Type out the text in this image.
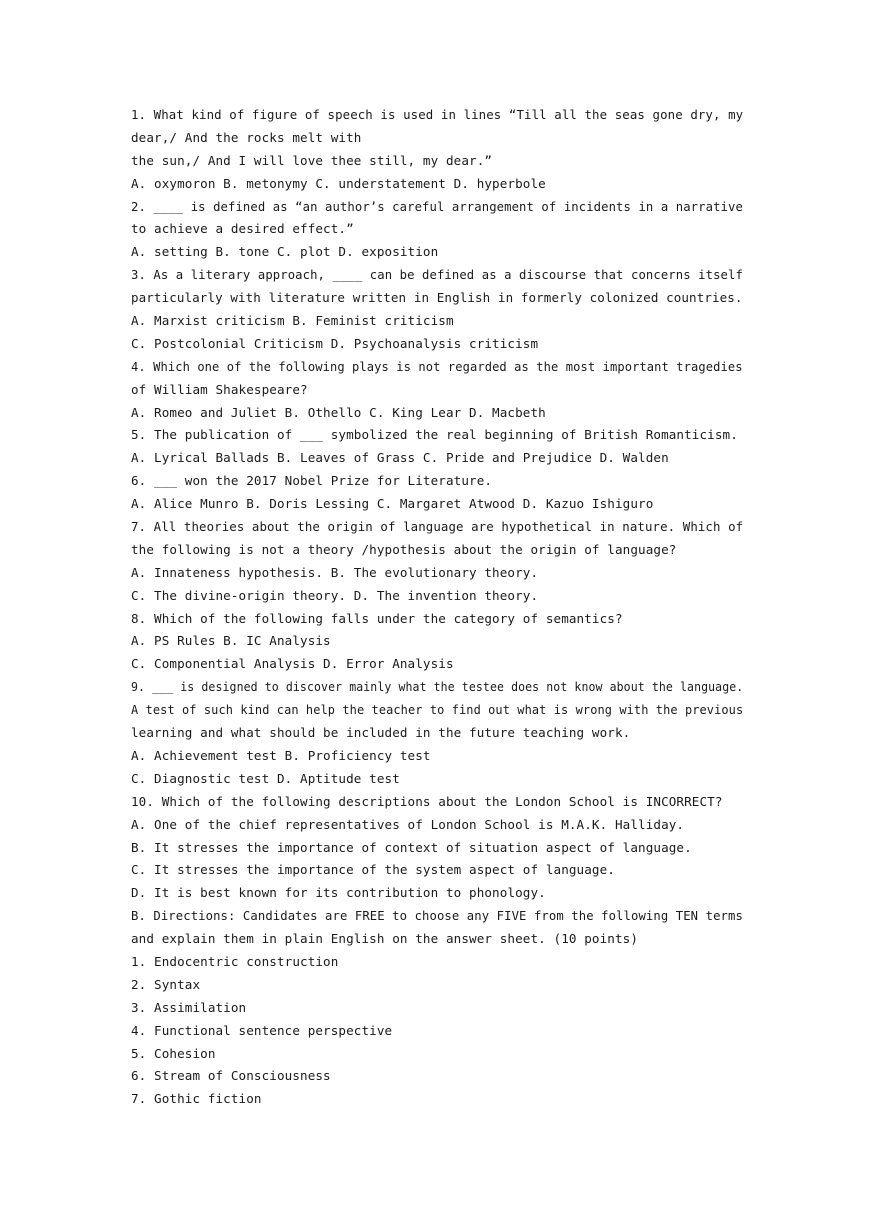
1. What kind of figure of speech is used in lines “Till all the seas gone dry, my
dear,/ And the rocks melt with
the sun,/ And I will love thee still, my dear.”
A. oxymoron B. metonymy C. understatement D. hyperbole
2. ____ is defined as “an author’s careful arrangement of incidents in a narrative
to achieve a desired effect.”
A. setting B. tone C. plot D. exposition
3. As a literary approach, ____ can be defined as a discourse that concerns itself
particularly with literature written in English in formerly colonized countries.
A. Marxist criticism B. Feminist criticism
C. Postcolonial Criticism D. Psychoanalysis criticism
4. Which one of the following plays is not regarded as the most important tragedies
of William Shakespeare?
A. Romeo and Juliet B. Othello C. King Lear D. Macbeth
5. The publication of ___ symbolized the real beginning of British Romanticism.
A. Lyrical Ballads B. Leaves of Grass C. Pride and Prejudice D. Walden
6. ___ won the 2017 Nobel Prize for Literature.
A. Alice Munro B. Doris Lessing C. Margaret Atwood D. Kazuo Ishiguro
7. All theories about the origin of language are hypothetical in nature. Which of
the following is not a theory /hypothesis about the origin of language?
A. Innateness hypothesis. B. The evolutionary theory.
C. The divine-origin theory. D. The invention theory.
8. Which of the following falls under the category of semantics?
A. PS Rules B. IC Analysis
C. Componential Analysis D. Error Analysis
9. ___ is designed to discover mainly what the testee does not know about the language.
A test of such kind can help the teacher to find out what is wrong with the previous
learning and what should be included in the future teaching work.
A. Achievement test B. Proficiency test
C. Diagnostic test D. Aptitude test
10. Which of the following descriptions about the London School is INCORRECT?
A. One of the chief representatives of London School is M.A.K. Halliday.
B. It stresses the importance of context of situation aspect of language.
C. It stresses the importance of the system aspect of language.
D. It is best known for its contribution to phonology.
B. Directions: Candidates are FREE to choose any FIVE from the following TEN terms
and explain them in plain English on the answer sheet. (10 points)
1. Endocentric construction
2. Syntax
3. Assimilation
4. Functional sentence perspective
5. Cohesion
6. Stream of Consciousness
7. Gothic fiction
